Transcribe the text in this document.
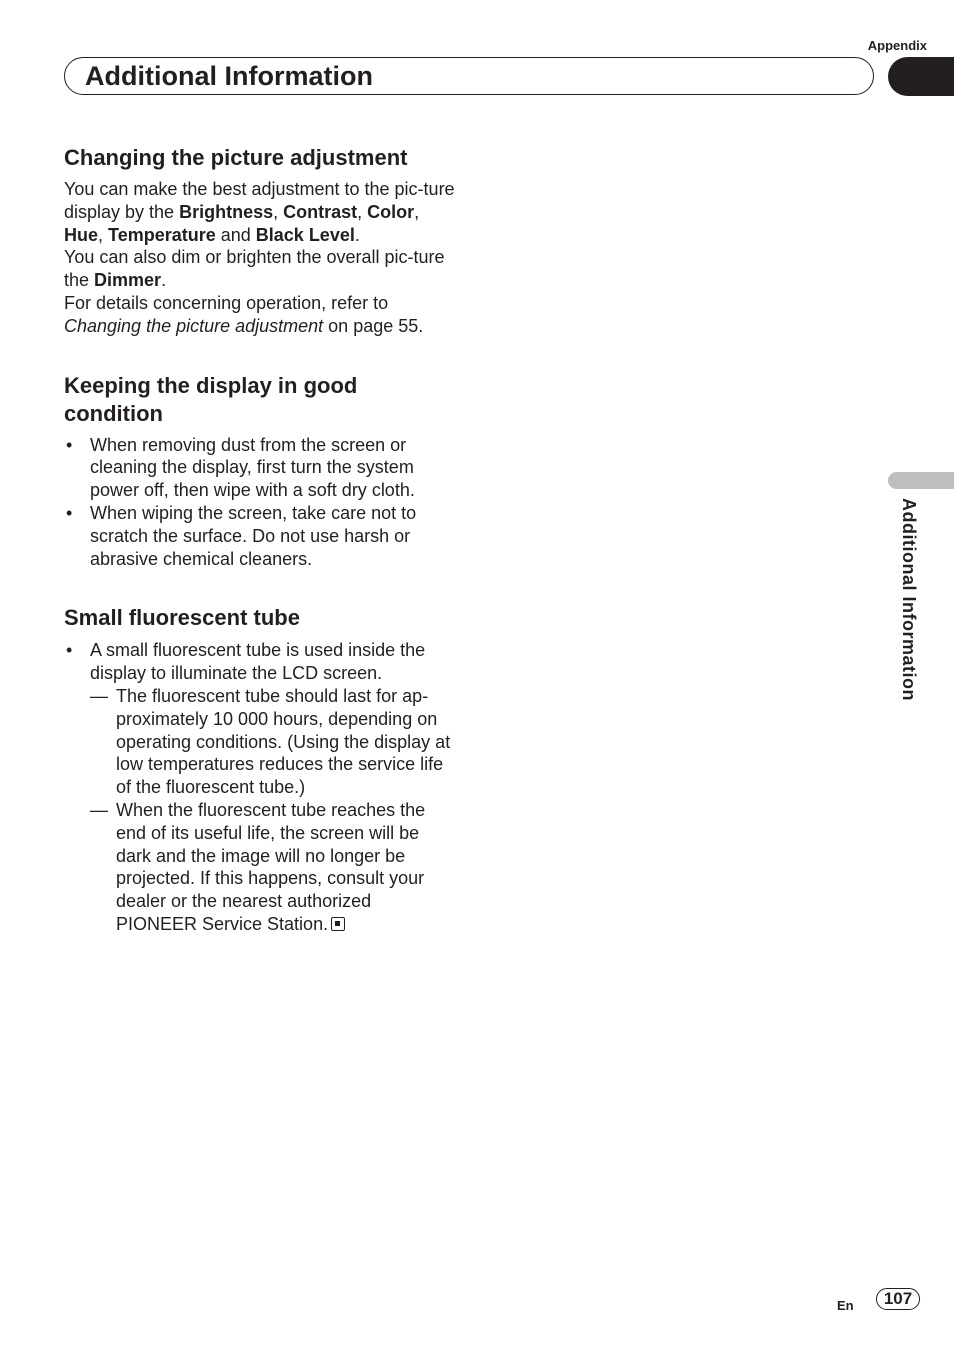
Appendix
Additional Information
Changing the picture adjustment

You can make the best adjustment to the pic-ture display by the Brightness, Contrast, Color, Hue, Temperature and Black Level.

You can also dim or brighten the overall pic-ture the Dimmer.

For details concerning operation, refer to Changing the picture adjustment on page 55.

Keeping the display in good condition
• When removing dust from the screen or cleaning the display, first turn the system power off, then wipe with a soft dry cloth.
• When wiping the screen, take care not to scratch the surface. Do not use harsh or abrasive chemical cleaners.
Small fluorescent tube
• A small fluorescent tube is used inside the display to illuminate the LCD screen.
— The fluorescent tube should last for ap-proximately 10 000 hours, depending on operating conditions. (Using the display at low temperatures reduces the service life of the fluorescent tube.)
— When the fluorescent tube reaches the end of its useful life, the screen will be dark and the image will no longer be projected. If this happens, consult your dealer or the nearest authorized PIONEER Service Station.
Additional Information
En	107
